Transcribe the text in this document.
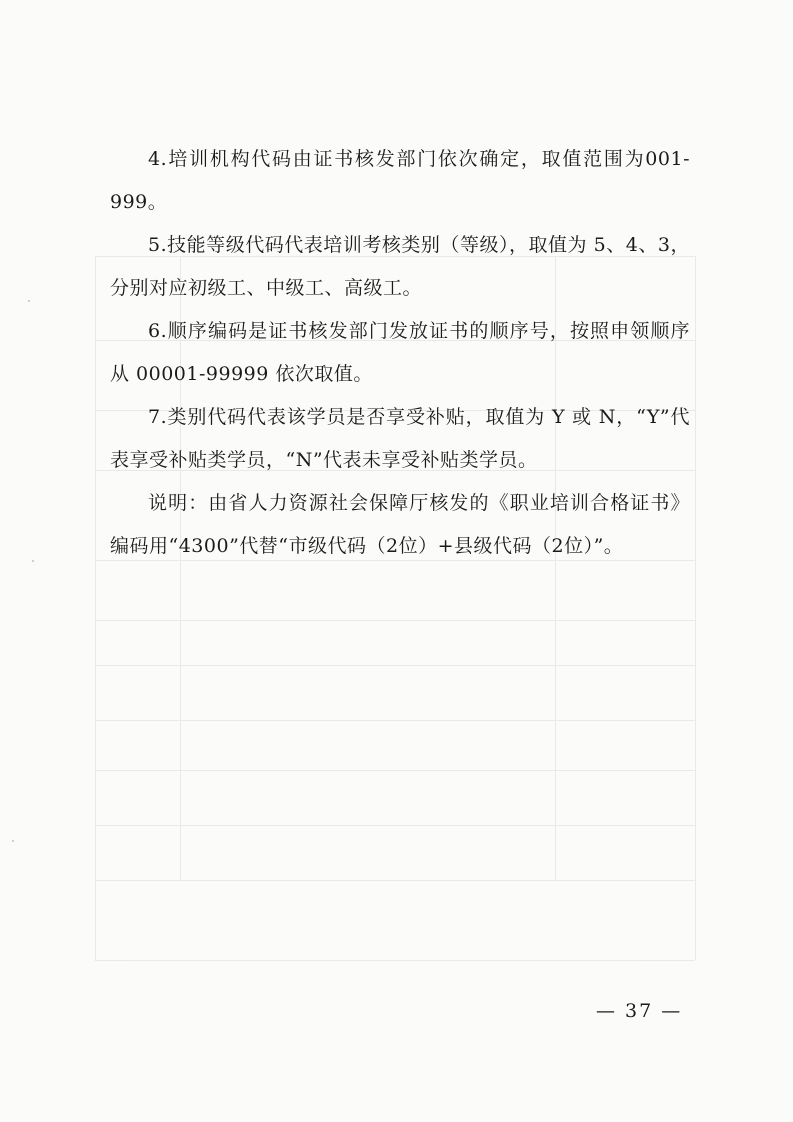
4.培训机构代码由证书核发部门依次确定，取值范围为001-999。

5.技能等级代码代表培训考核类别（等级），取值为 5、4、3，分别对应初级工、中级工、高级工。

6.顺序编码是证书核发部门发放证书的顺序号，按照申领顺序从 00001-99999 依次取值。

7.类别代码代表该学员是否享受补贴，取值为 Y 或 N，“Y”代表享受补贴类学员，“N”代表未享受补贴类学员。

说明：由省人力资源社会保障厅核发的《职业培训合格证书》编码用“4300”代替“市级代码（2位）+县级代码（2位）”。

— 37 —
